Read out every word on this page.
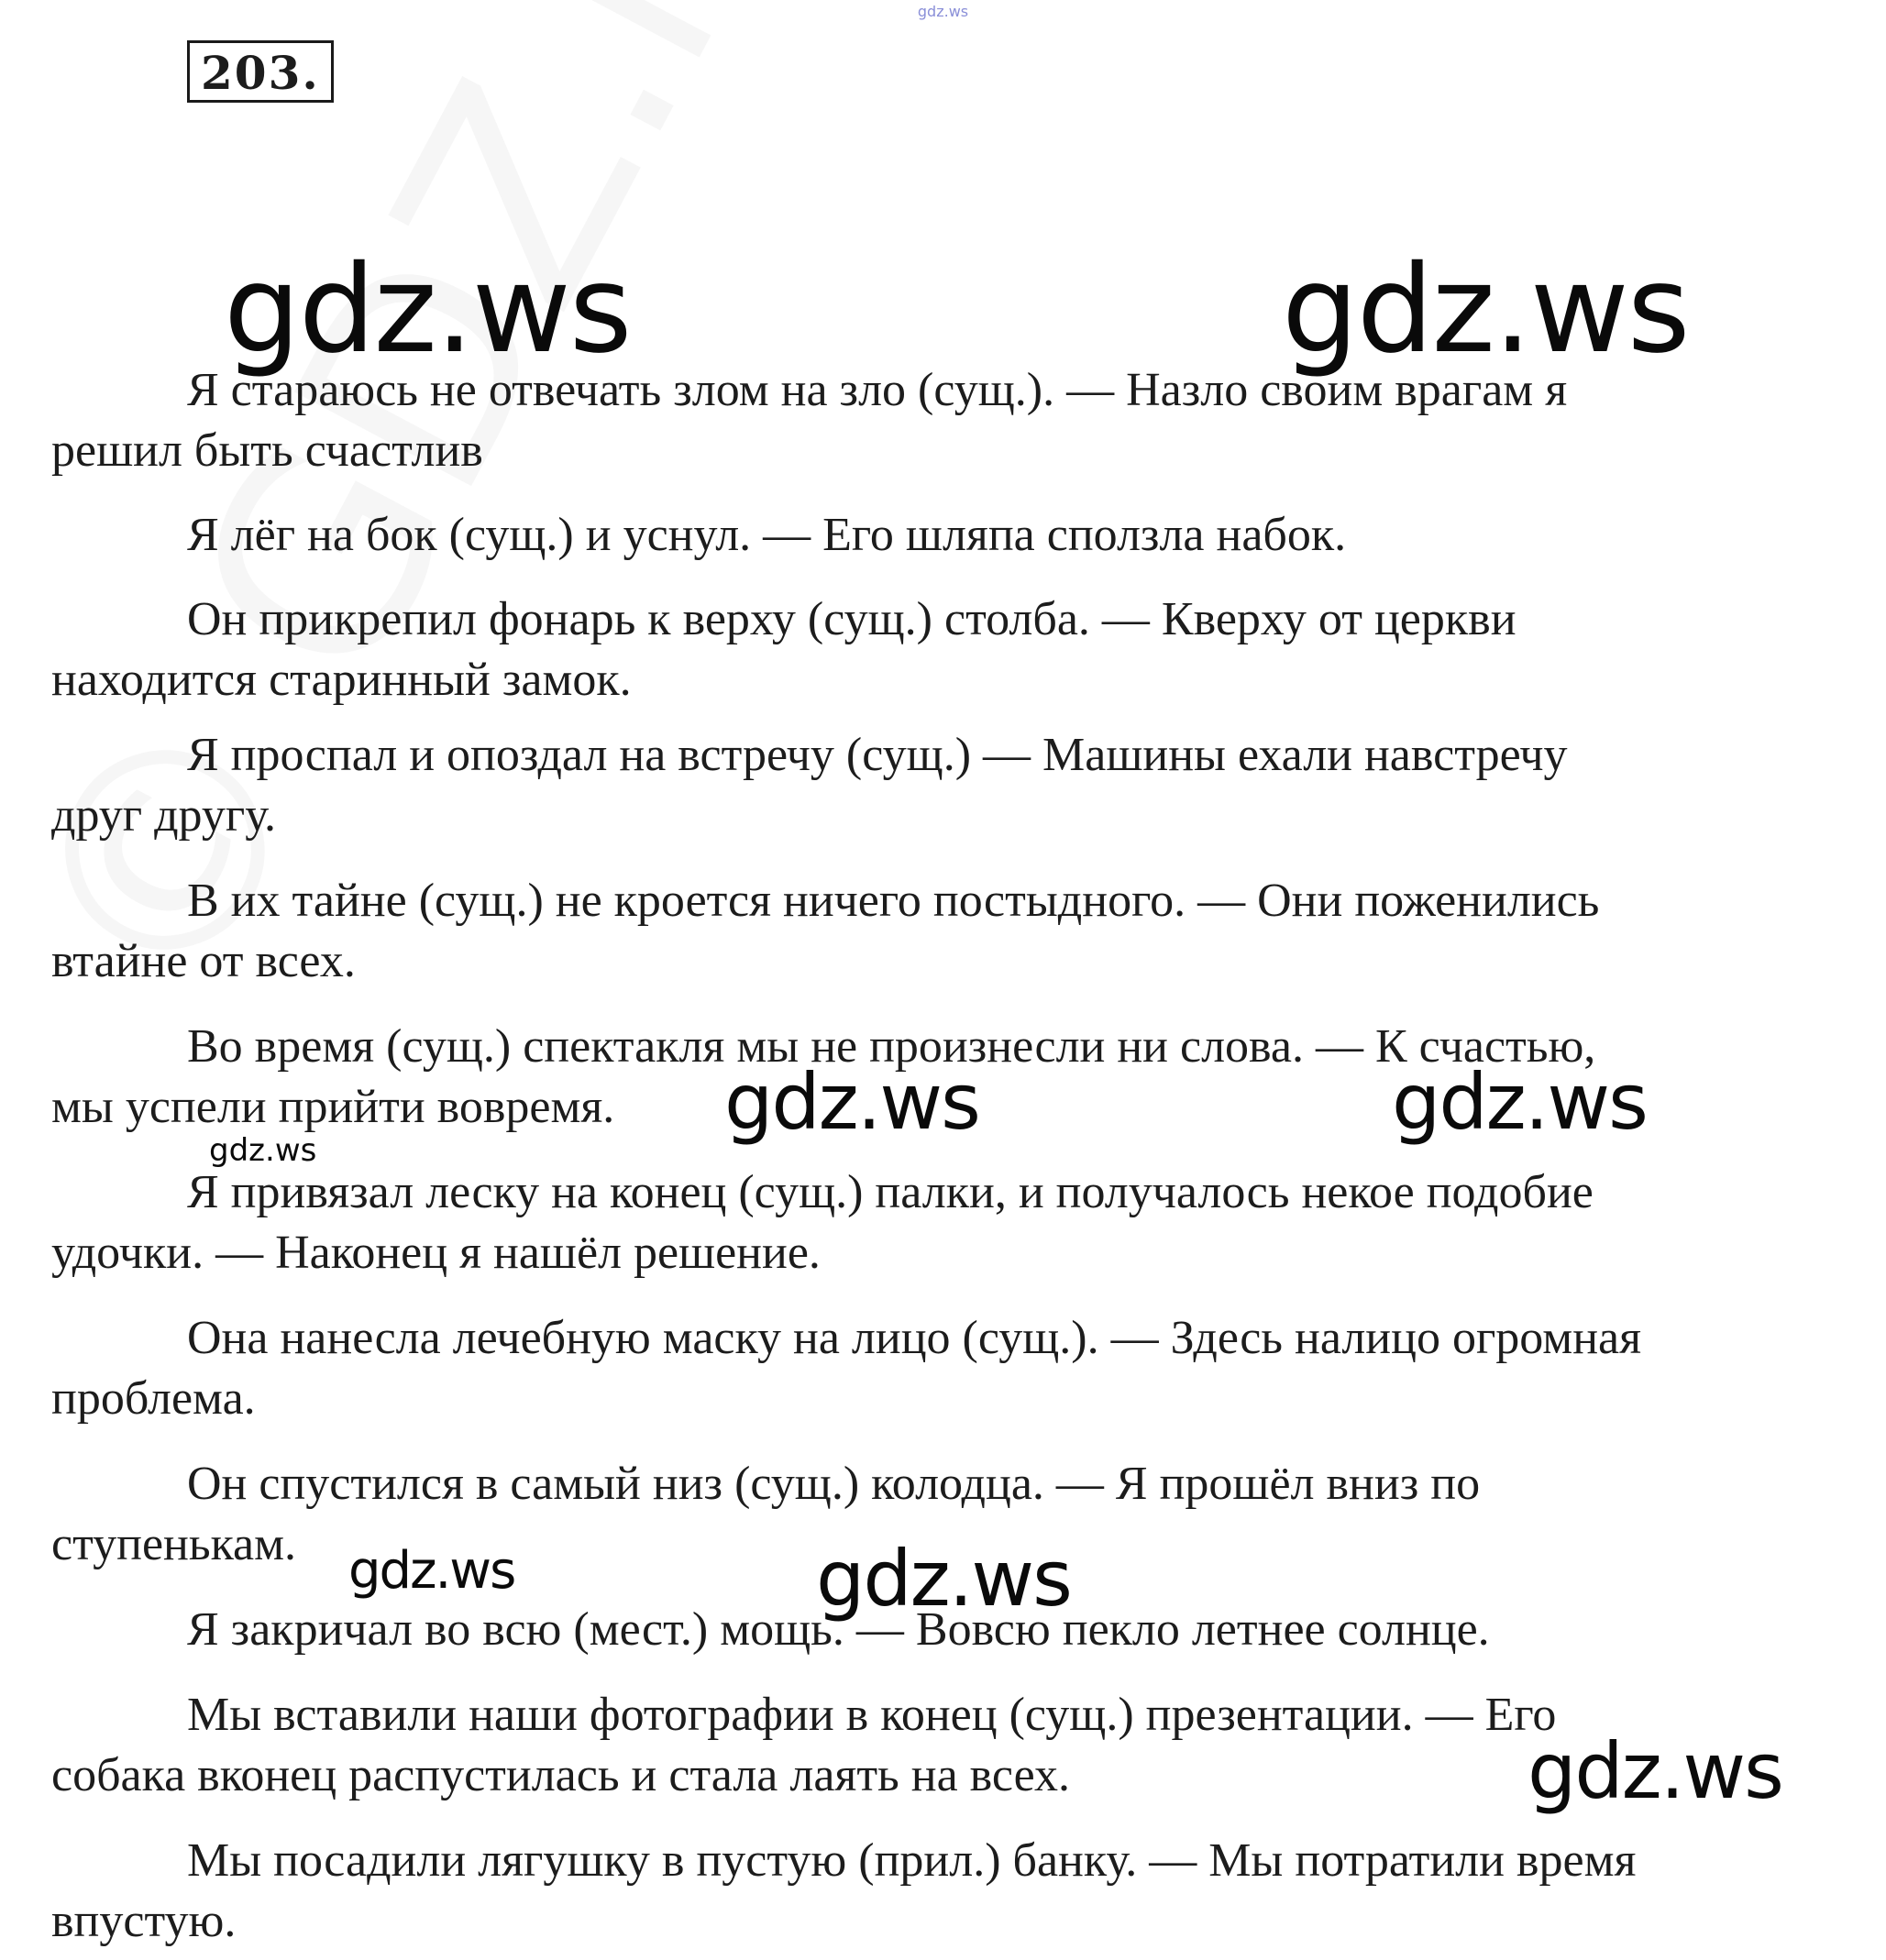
gdz.ws
203.

Я стараюсь не отвечать злом на зло (сущ.). — Назло своим врагам я
решил быть счастлив

Я лёг на бок (сущ.) и уснул. — Его шляпа сползла набок.

Он прикрепил фонарь к верху (сущ.) столба. — Кверху от церкви
находится старинный замок.

Я проспал и опоздал на встречу (сущ.) — Машины ехали навстречу
друг другу.

В их тайне (сущ.) не кроется ничего постыдного. — Они поженились
втайне от всех.

Во время (сущ.) спектакля мы не произнесли ни слова. — К счастью,
мы успели прийти вовремя.

Я привязал леску на конец (сущ.) палки, и получалось некое подобие
удочки. — Наконец я нашёл решение.

Она нанесла лечебную маску на лицо (сущ.). — Здесь налицо огромная
проблема.

Он спустился в самый низ (сущ.) колодца. — Я прошёл вниз по
ступенькам.

Я закричал во всю (мест.) мощь. — Вовсю пекло летнее солнце.

Мы вставили наши фотографии в конец (сущ.) презентации. — Его
собака вконец распустилась и стала лаять на всех.

Мы посадили лягушку в пустую (прил.) банку. — Мы потратили время
впустую.

gdz.ws	gdz.ws
gdz.ws	gdz.ws
gdz.ws
gdz.ws	gdz.ws
gdz.ws
